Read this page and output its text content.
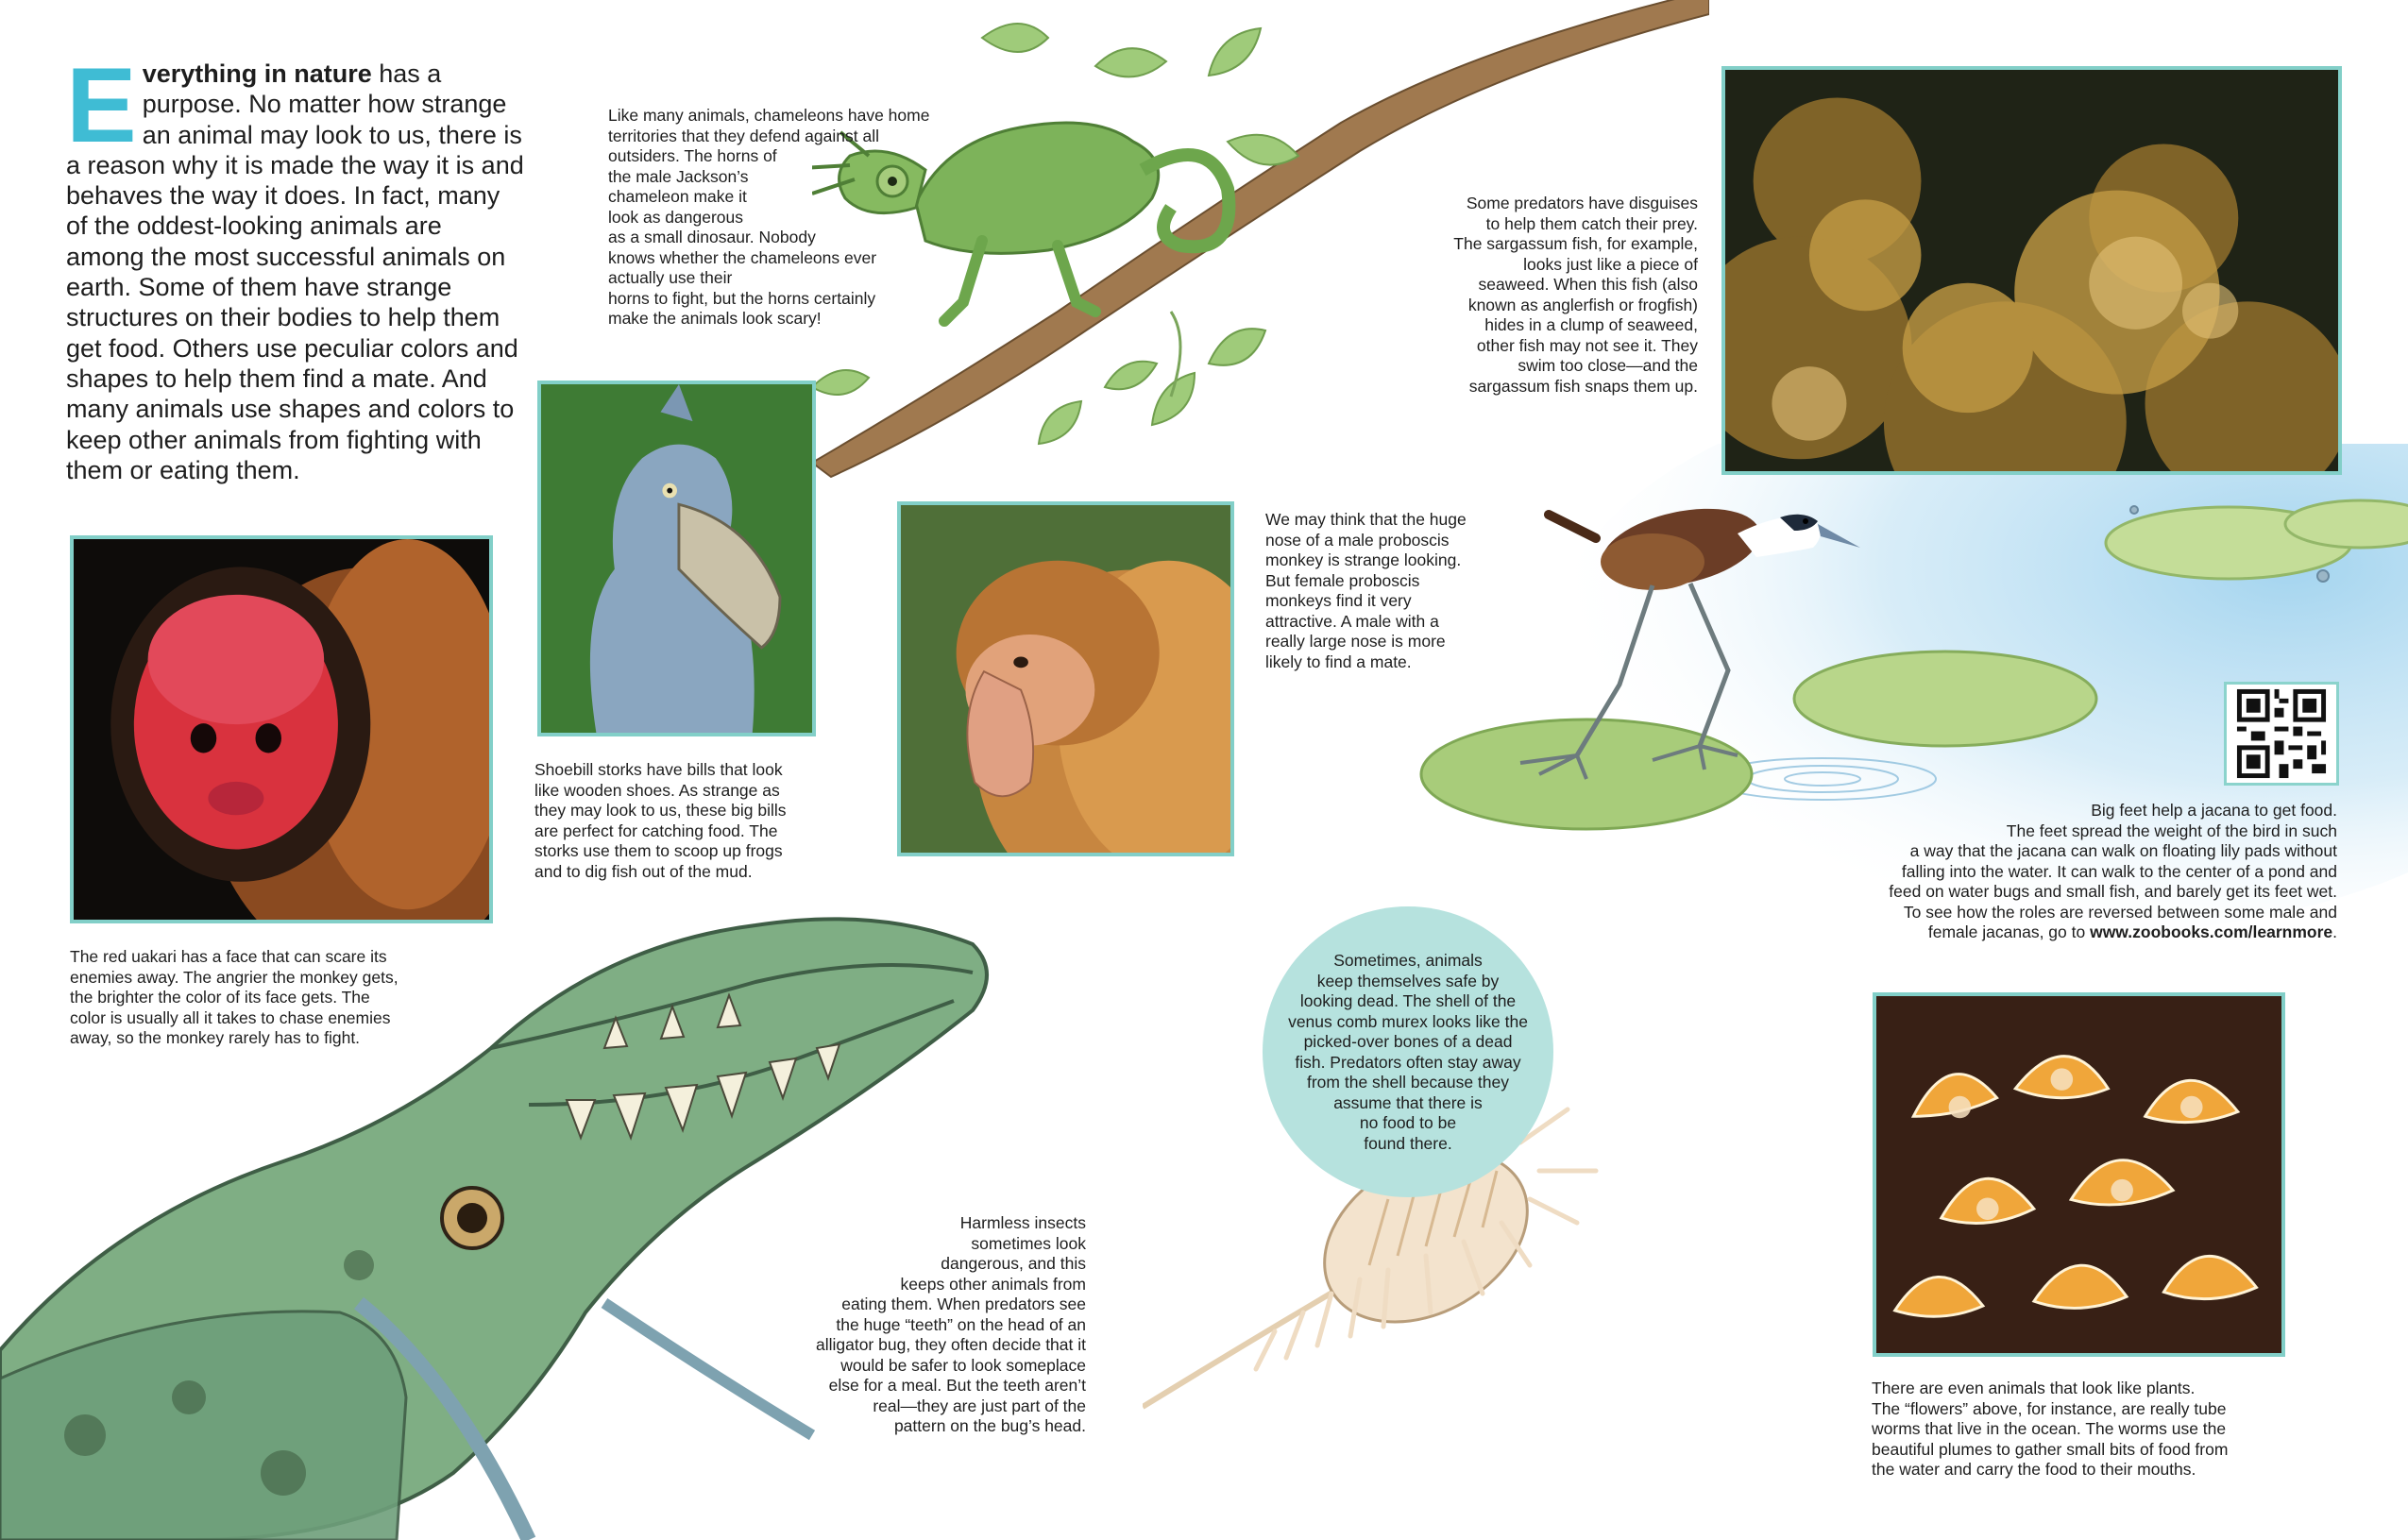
Everything in nature has a purpose. No matter how strange an animal may look to us, there is a reason why it is made the way it is and behaves the way it does. In fact, many of the oddest-looking animals are among the most successful animals on earth. Some of them have strange structures on their bodies to help them get food. Others use peculiar colors and shapes to help them find a mate. And many animals use shapes and colors to keep other animals from fighting with them or eating them.
Like many animals, chameleons have home
territories that they defend against all
outsiders. The horns of
the male Jackson’s
chameleon make it
look as dangerous
as a small dinosaur. Nobody
knows whether the chameleons ever
actually use their
horns to fight, but the horns certainly
make the animals look scary!
Some predators have disguises
to help them catch their prey.
The sargassum fish, for example,
looks just like a piece of
seaweed. When this fish (also
known as anglerfish or frogfish)
hides in a clump of seaweed,
other fish may not see it. They
swim too close—and the
sargassum fish snaps them up.
We may think that the huge
nose of a male proboscis
monkey is strange looking.
But female proboscis
monkeys find it very
attractive. A male with a
really large nose is more
likely to find a mate.
Shoebill storks have bills that look
like wooden shoes. As strange as
they may look to us, these big bills
are perfect for catching food. The
storks use them to scoop up frogs
and to dig fish out of the mud.
The red uakari has a face that can scare its
enemies away. The angrier the monkey gets,
the brighter the color of its face gets. The
color is usually all it takes to chase enemies
away, so the monkey rarely has to fight.
Big feet help a jacana to get food.
The feet spread the weight of the bird in such
a way that the jacana can walk on floating lily pads without
falling into the water. It can walk to the center of a pond and
feed on water bugs and small fish, and barely get its feet wet.
To see how the roles are reversed between some male and
female jacanas, go to www.zoobooks.com/learnmore.
Sometimes, animals
keep themselves safe by
looking dead. The shell of the
venus comb murex looks like the
picked-over bones of a dead
fish. Predators often stay away
from the shell because they
assume that there is
no food to be
found there.
Harmless insects
sometimes look
dangerous, and this
keeps other animals from
eating them. When predators see
the huge “teeth” on the head of an
alligator bug, they often decide that it
would be safer to look someplace
else for a meal. But the teeth aren’t
real—they are just part of the
pattern on the bug’s head.
There are even animals that look like plants.
The “flowers” above, for instance, are really tube
worms that live in the ocean. The worms use the
beautiful plumes to gather small bits of food from
the water and carry the food to their mouths.
